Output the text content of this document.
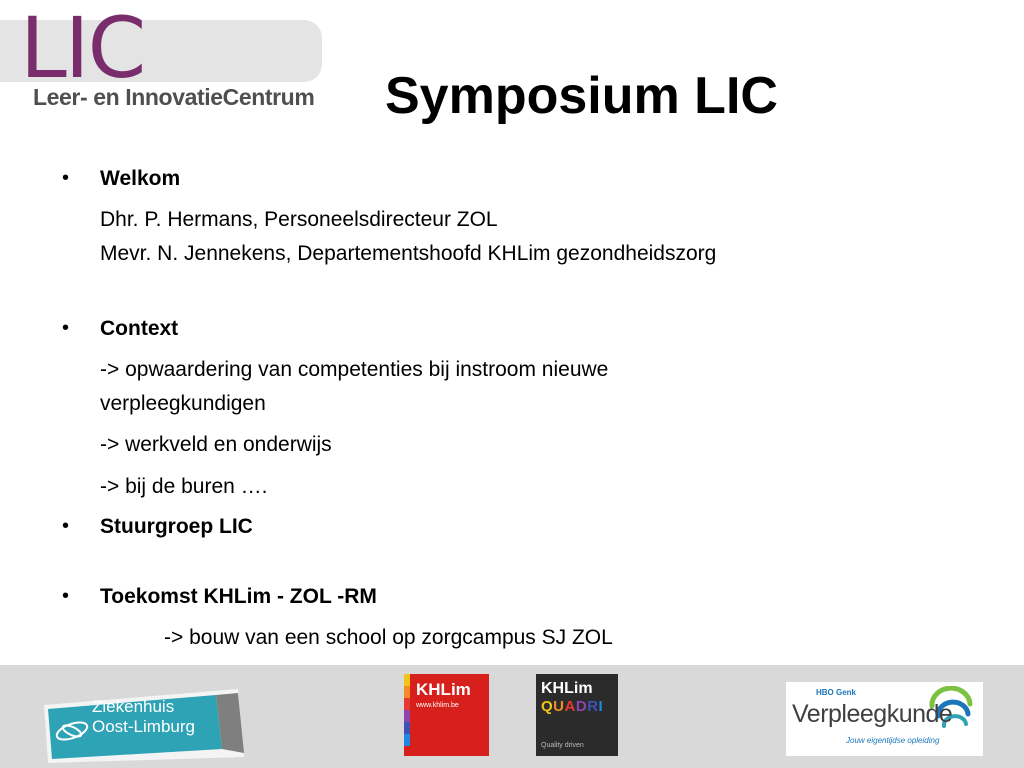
LIC
Leer- en InnovatieCentrum Symposium LIC
• Welkom
Dhr. P. Hermans, Personeelsdirecteur ZOL
Mevr. N. Jennekens, Departementshoofd KHLim gezondheidszorg
• Context
-> opwaardering van competenties bij instroom nieuwe
verpleegkundigen
-> werkveld en onderwijs
-> bij de buren ….
• Stuurgroep LIC
• Toekomst KHLim - ZOL -RM
-> bouw van een school op zorgcampus SJ ZOL
Ziekenhuis
Oost-Limburg
KHLim
www.khlim.be
KHLim
QUADRI
Quality driven
HBO Genk
Verpleegkunde
Jouw eigentijdse opleiding
